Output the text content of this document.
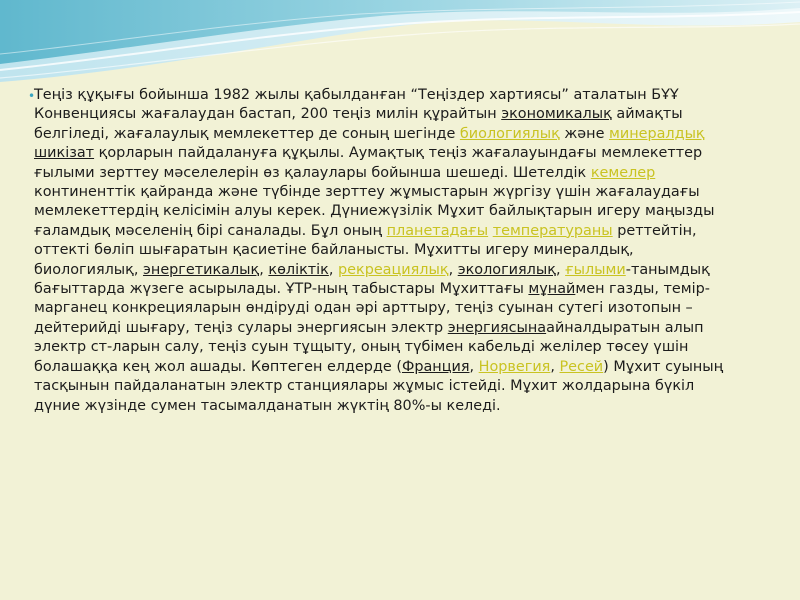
•

Теңіз құқығы бойынша 1982 жылы қабылданған “Теңіздер хартиясы” аталатын БҰҰ Конвенциясы жағалаудан бастап, 200 теңіз милін құрайтын экономикалық аймақты белгіледі, жағалаулық мемлекеттер де соның шегінде биологиялық және минералдық шикізат қорларын пайдалануға құқылы. Аумақтық теңіз жағалауындағы мемлекеттер ғылыми зерттеу мәселелерін өз қалаулары бойынша шешеді. Шетелдік кемелер континенттік қайранда және түбінде зерттеу жұмыстарын жүргізу үшін жағалаудағы мемлекеттердің келісімін алуы керек. Дүниежүзілік Мұхит байлықтарын игеру маңызды ғаламдық мәселенің бірі саналады. Бұл оның планетадағы температураны реттейтін, оттекті бөліп шығаратын қасиетіне байланысты. Мұхитты игеру минералдық, биологиялық, энергетикалық, көліктік, рекреациялық, экологиялық, ғылыми-танымдық бағыттарда жүзеге асырылады. ҰТР-ның табыстары Мұхиттағы мұнаймен газды, темір-марганец конкрецияларын өндіруді одан әрі арттыру, теңіз суынан сутегі изотопын – дейтерийді шығару, теңіз сулары энергиясын электр энергиясынаайналдыратын алып электр ст-ларын салу, теңіз суын тұщыту, оның түбімен кабельді желілер төсеу үшін болашаққа кең жол ашады. Көптеген елдерде (Франция, Норвегия, Ресей) Мұхит суының тасқынын пайдаланатын электр станциялары жұмыс істейді. Мұхит жолдарына бүкіл дүние жүзінде сумен тасымалданатын жүктің 80%-ы келеді.
